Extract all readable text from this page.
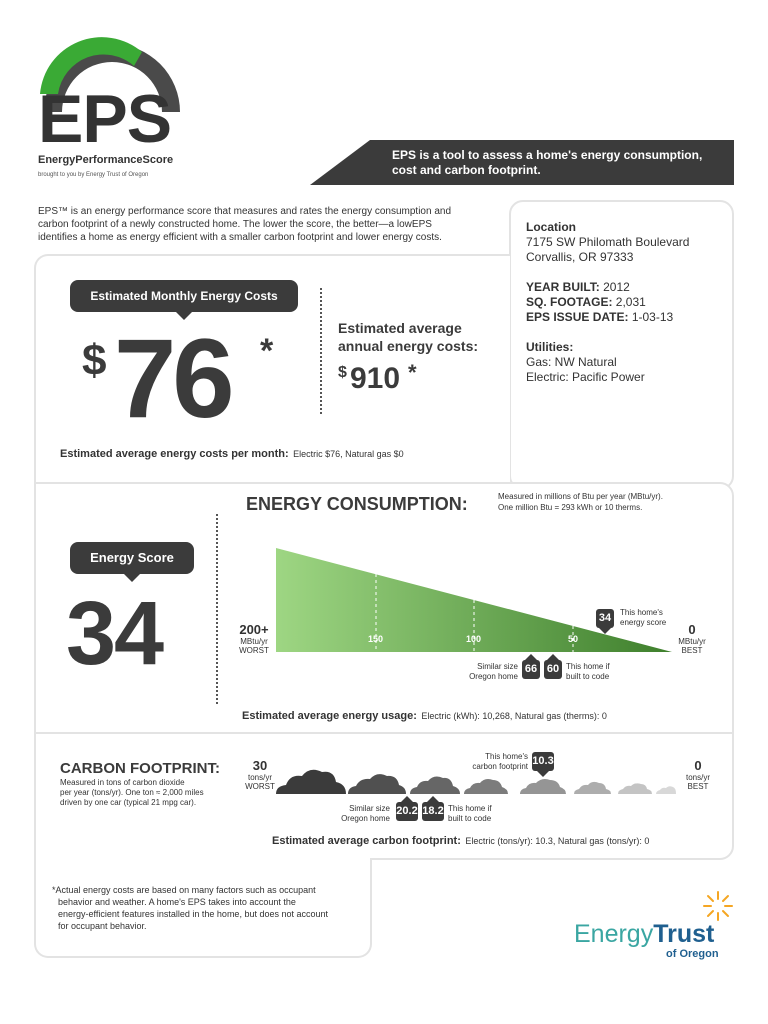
EPS
EnergyPerformanceScore
brought to you by Energy Trust of Oregon
EPS is a tool to assess a home's energy consumption,
cost and carbon footprint.
EPS™ is an energy performance score that measures and rates the energy consumption and
carbon footprint of a newly constructed home. The lower the score, the better—a lowEPS
identifies a home as energy efficient with a smaller carbon footprint and lower energy costs.
Location
7175 SW Philomath Boulevard
Corvallis, OR 97333
YEAR BUILT: 2012
SQ. FOOTAGE: 2,031
EPS ISSUE DATE: 1-03-13
Utilities:
Gas: NW Natural
Electric: Pacific Power
Estimated Monthly Energy Costs
$ 76 *
Estimated average
annual energy costs:
$ 910 *
Estimated average energy costs per month: Electric $76, Natural gas $0
Energy Score
34
ENERGY CONSUMPTION:	Measured in millions of Btu per year (MBtu/yr).
One million Btu = 293 kWh or 10 therms.
200+
MBtu/yr
WORST
150	100	50
0
MBtu/yr
BEST
34	This home's
energy score
Similar size
Oregon home
66 60 This home if
built to code
Estimated average energy usage: Electric (kWh): 10,268, Natural gas (therms): 0
CARBON FOOTPRINT:
Measured in tons of carbon dioxide
per year (tons/yr). One ton ≈ 2,000 miles
driven by one car (typical 21 mpg car).
30
tons/yr
WORST
This home's
carbon footprint 10.3	0
tons/yr
BEST
Similar size
Oregon home
20.2 18.2 This home if
built to code
Estimated average carbon footprint: Electric (tons/yr): 10.3, Natural gas (tons/yr): 0
*Actual energy costs are based on many factors such as occupant
behavior and weather. A home's EPS takes into account the
energy-efficient features installed in the home, but does not account
for occupant behavior.	EnergyTrust
of Oregon
